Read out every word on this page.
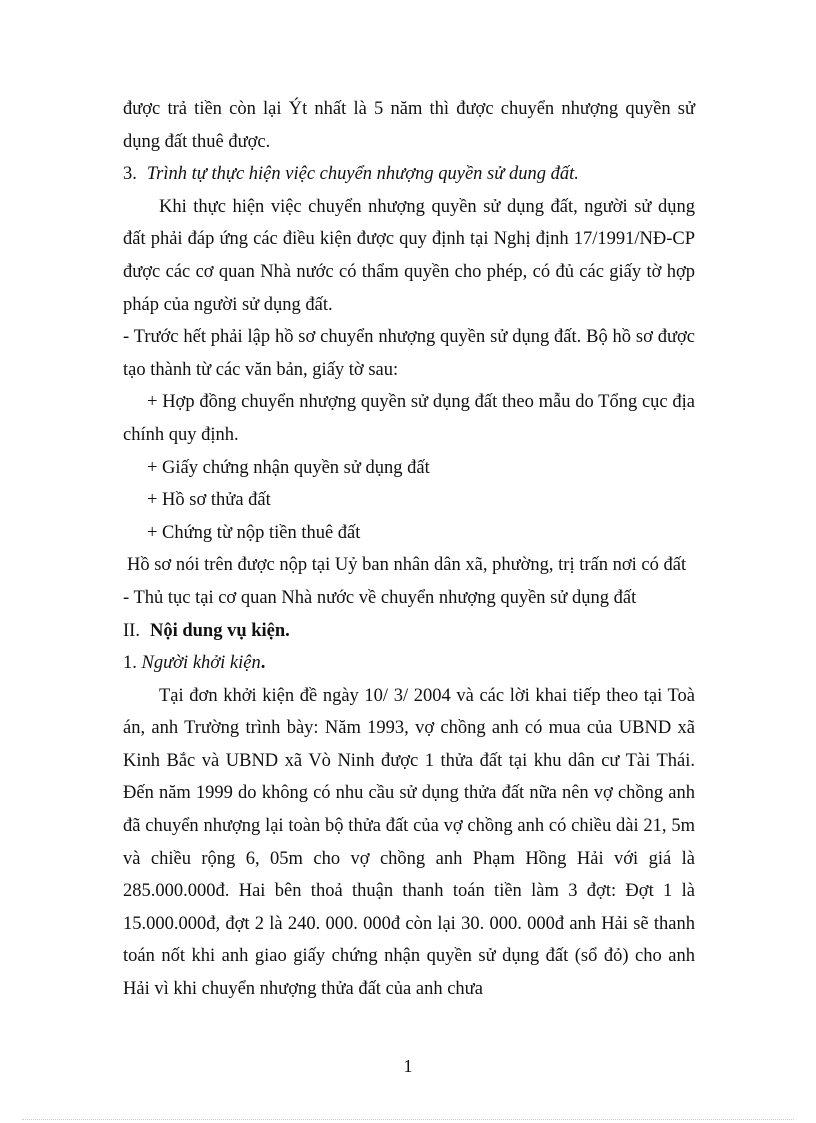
được trả tiền còn lại Ýt nhất là 5 năm thì được chuyển nhượng quyền sử dụng đất thuê được.

3. Trình tự thực hiện việc chuyển nhượng quyền sử dung đất.

Khi thực hiện việc chuyển nhượng quyền sử dụng đất, người sử dụng đất phải đáp ứng các điều kiện được quy định tại Nghị định 17/1991/NĐ-CP được các cơ quan Nhà nước có thẩm quyền cho phép, có đủ các giấy tờ hợp pháp của người sử dụng đất.

- Trước hết phải lập hồ sơ chuyển nhượng quyền sử dụng đất. Bộ hồ sơ được tạo thành từ các văn bản, giấy tờ sau:

+ Hợp đồng chuyển nhượng quyền sử dụng đất theo mẫu do Tổng cục địa chính quy định.

+ Giấy chứng nhận quyền sử dụng đất

+ Hồ sơ thửa đất

+ Chứng từ nộp tiền thuê đất

Hồ sơ nói trên được nộp tại Uỷ ban nhân dân xã, phường, trị trấn nơi có đất

- Thủ tục tại cơ quan Nhà nước về chuyển nhượng quyền sử dụng đất

II. Nội dung vụ kiện.

1. Người khởi kiện.

Tại đơn khởi kiện đề ngày 10/ 3/ 2004 và các lời khai tiếp theo tại Toà án, anh Trường trình bày: Năm 1993, vợ chồng anh có mua của UBND xã Kinh Bắc và UBND xã Vò Ninh được 1 thửa đất tại khu dân cư Tài Thái. Đến năm 1999 do không có nhu cầu sử dụng thửa đất nữa nên vợ chồng anh đã chuyển nhượng lại toàn bộ thửa đất của vợ chồng anh có chiều dài 21, 5m và chiều rộng 6, 05m cho vợ chồng anh Phạm Hồng Hải với giá là 285.000.000đ. Hai bên thoả thuận thanh toán tiền làm 3 đợt: Đợt 1 là 15.000.000đ, đợt 2 là 240. 000. 000đ còn lại 30. 000. 000đ anh Hải sẽ thanh toán nốt khi anh giao giấy chứng nhận quyền sử dụng đất (sổ đỏ) cho anh Hải vì khi chuyển nhượng thửa đất của anh chưa

1
